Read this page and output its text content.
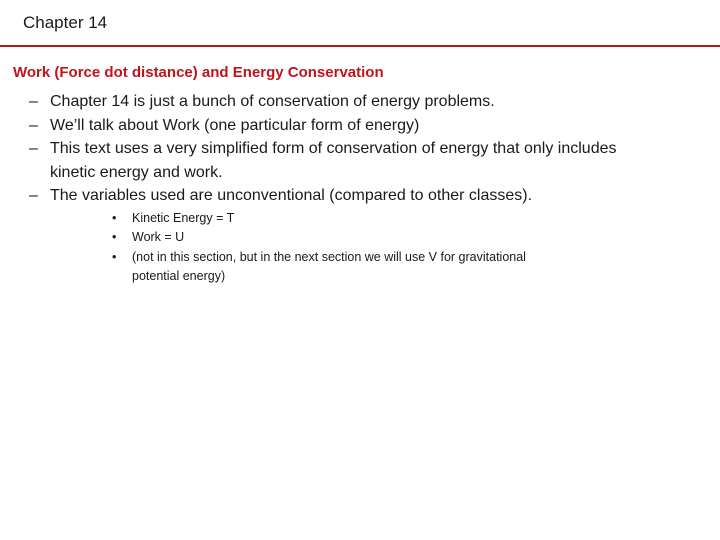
Chapter 14
Work (Force dot distance) and Energy Conservation
– Chapter 14 is just a bunch of conservation of energy problems.
– We’ll talk about Work (one particular form of energy)
– This text uses a very simplified form of conservation of energy that only includes kinetic energy and work.
– The variables used are unconventional (compared to other classes).
• Kinetic Energy = T
• Work = U
• (not in this section, but in the next section we will use V for gravitational potential energy)
